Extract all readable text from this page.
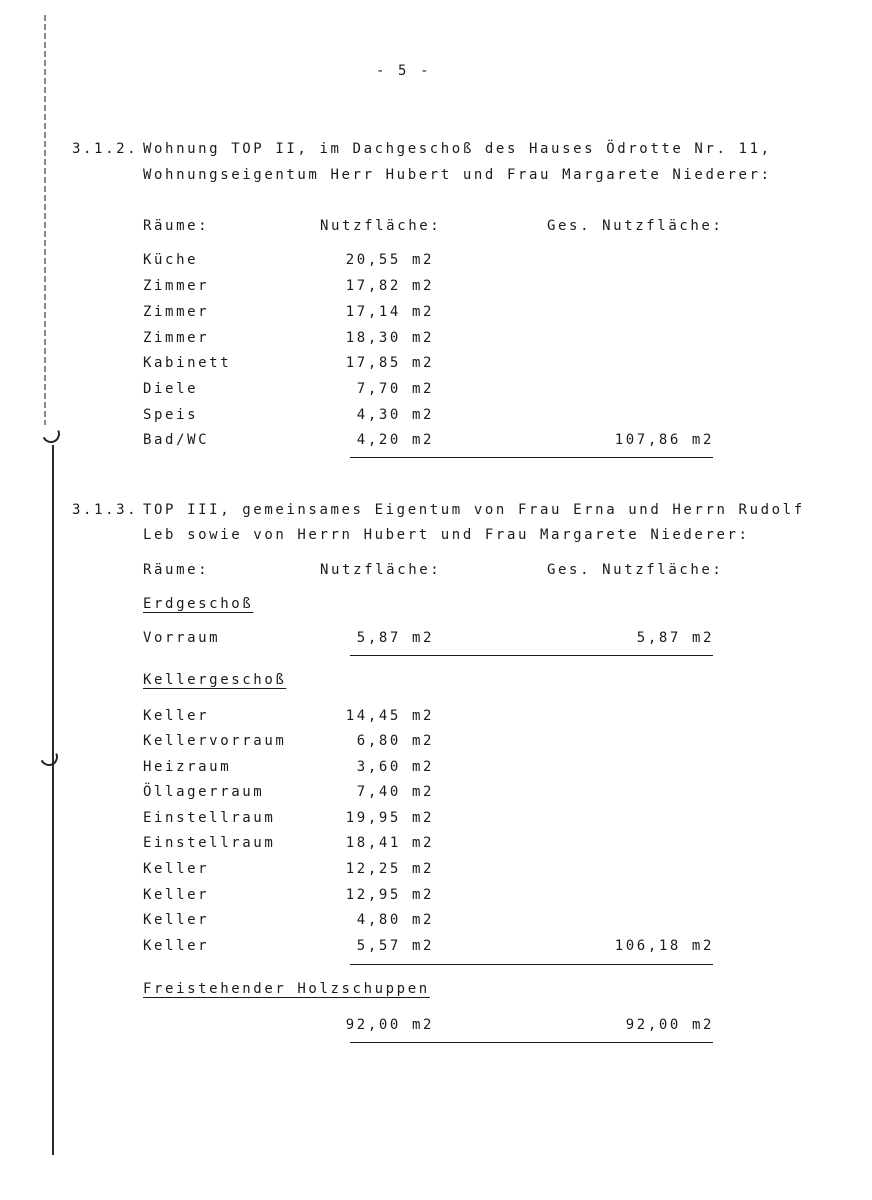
- 5 -
3.1.2. Wohnung TOP II, im Dachgeschoß des Hauses Ödrotte Nr. 11,
Wohnungseigentum Herr Hubert und Frau Margarete Niederer:
Räume:	Nutzfläche:	Ges. Nutzfläche:
Küche	20,55 m2
Zimmer	17,82 m2
Zimmer	17,14 m2
Zimmer	18,30 m2
Kabinett	17,85 m2
Diele	7,70 m2
Speis	4,30 m2
Bad/WC	4,20 m2	107,86 m2
3.1.3. TOP III, gemeinsames Eigentum von Frau Erna und Herrn Rudolf
Leb sowie von Herrn Hubert und Frau Margarete Niederer:
Räume:	Nutzfläche:	Ges. Nutzfläche:
Erdgeschoß
Vorraum	5,87 m2	5,87 m2
Kellergeschoß
Keller	14,45 m2
Kellervorraum	6,80 m2
Heizraum	3,60 m2
Öllagerraum	7,40 m2
Einstellraum	19,95 m2
Einstellraum	18,41 m2
Keller	12,25 m2
Keller	12,95 m2
Keller	4,80 m2
Keller	5,57 m2	106,18 m2
Freistehender Holzschuppen
92,00 m2	92,00 m2
